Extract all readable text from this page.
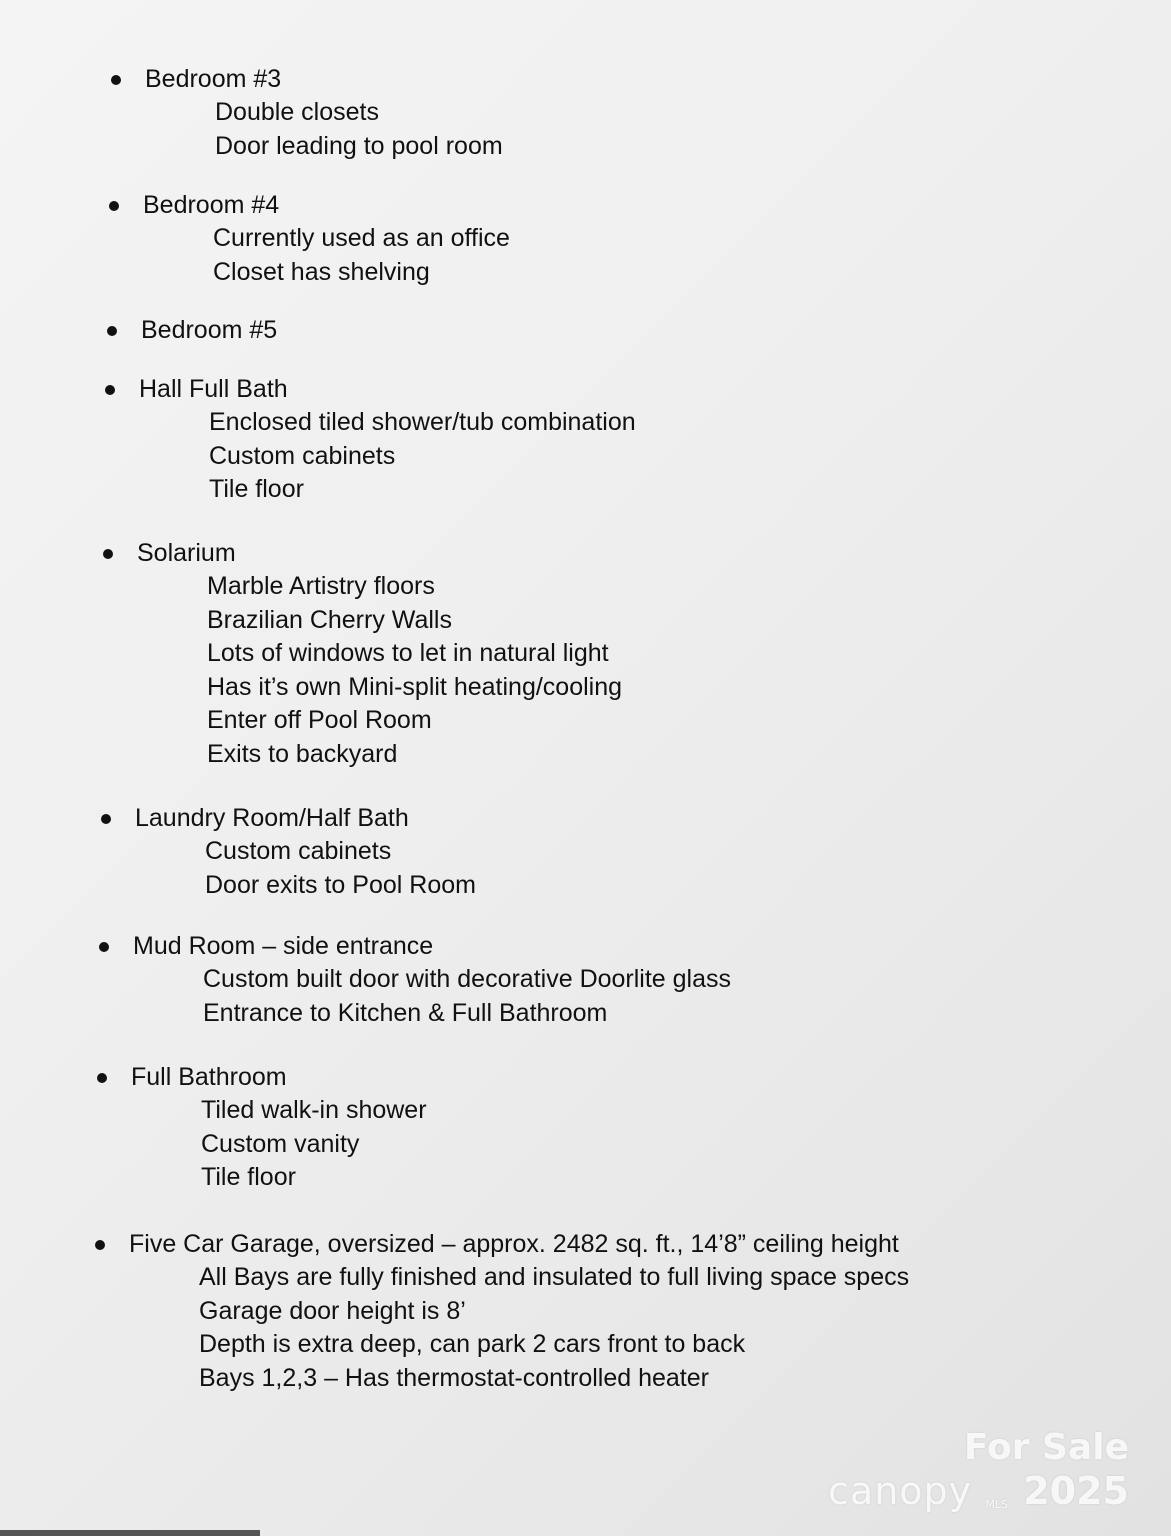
Bedroom #3
Double closets
Door leading to pool room
Bedroom #4
Currently used as an office
Closet has shelving
Bedroom #5
Hall Full Bath
Enclosed tiled shower/tub combination
Custom cabinets
Tile floor
Solarium
Marble Artistry floors
Brazilian Cherry Walls
Lots of windows to let in natural light
Has it’s own Mini-split heating/cooling
Enter off Pool Room
Exits to backyard
Laundry Room/Half Bath
Custom cabinets
Door exits to Pool Room
Mud Room – side entrance
Custom built door with decorative Doorlite glass
Entrance to Kitchen & Full Bathroom
Full Bathroom
Tiled walk-in shower
Custom vanity
Tile floor
Five Car Garage, oversized – approx. 2482 sq. ft., 14’8” ceiling height
All Bays are fully finished and insulated to full living space specs
Garage door height is 8’
Depth is extra deep, can park 2 cars front to back
Bays 1,2,3 – Has thermostat-controlled heater
For Sale
canopy MLS 2025
